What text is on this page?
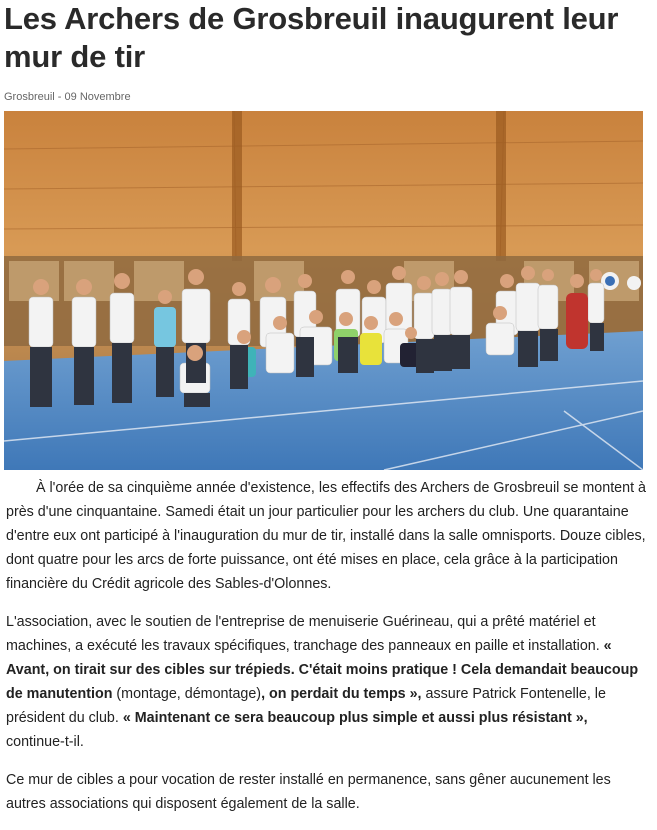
Les Archers de Grosbreuil inaugurent leur mur de tir
Grosbreuil - 09 Novembre

À l'orée de sa cinquième année d'existence, les effectifs des Archers de Grosbreuil se montent à près d'une cinquantaine. Samedi était un jour particulier pour les archers du club. Une quarantaine d'entre eux ont participé à l'inauguration du mur de tir, installé dans la salle omnisports. Douze cibles, dont quatre pour les arcs de forte puissance, ont été mises en place, cela grâce à la participation financière du Crédit agricole des Sables-d'Olonnes.

L'association, avec le soutien de l'entreprise de menuiserie Guérineau, qui a prêté matériel et machines, a exécuté les travaux spécifiques, tranchage des panneaux en paille et installation. « Avant, on tirait sur des cibles sur trépieds. C'était moins pratique ! Cela demandait beaucoup de manutention (montage, démontage), on perdait du temps », assure Patrick Fontenelle, le président du club. « Maintenant ce sera beaucoup plus simple et aussi plus résistant », continue-t-il.

Ce mur de cibles a pour vocation de rester installé en permanence, sans gêner aucunement les autres associations qui disposent également de la salle.
